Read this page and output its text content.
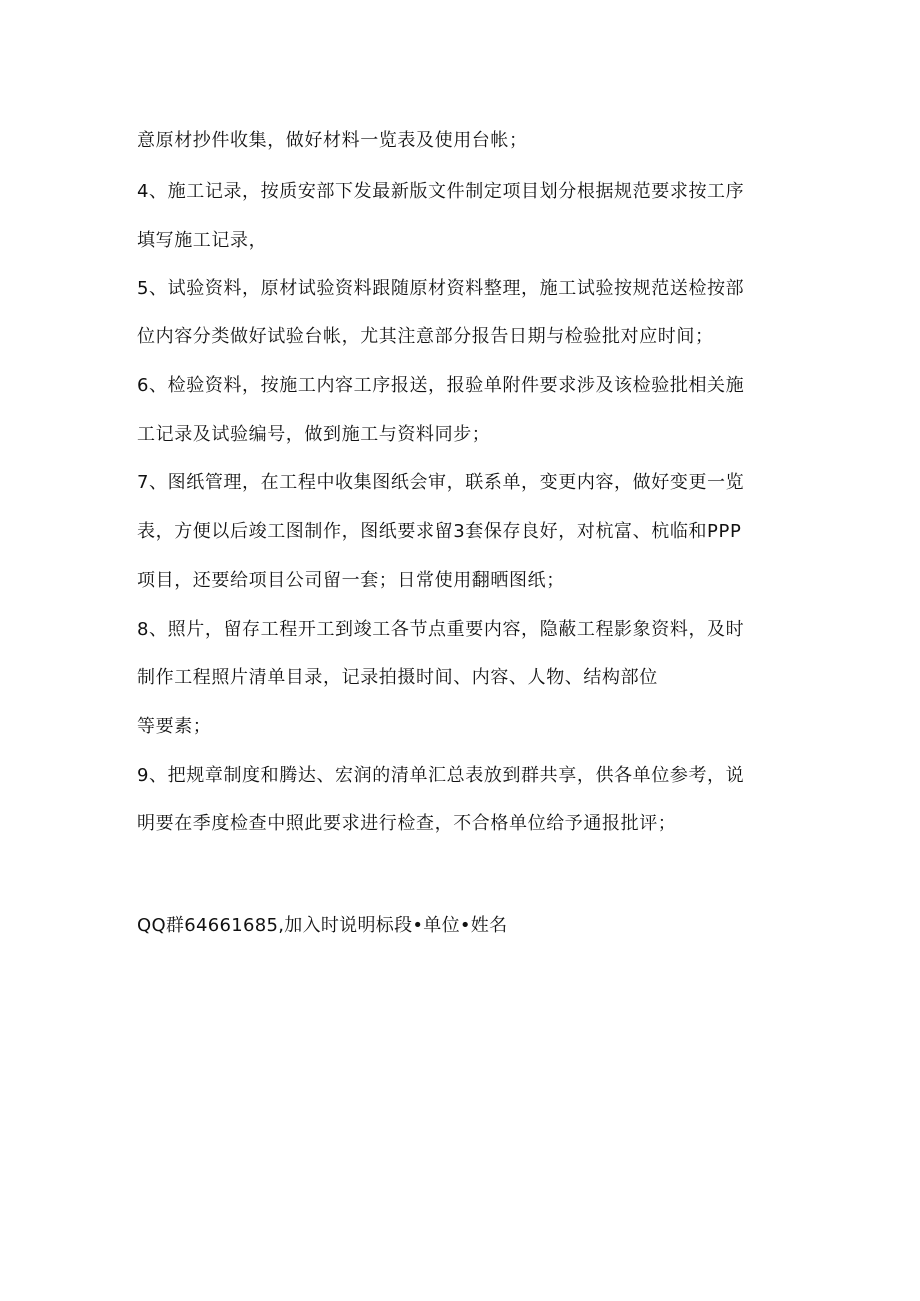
意原材抄件收集，做好材料一览表及使用台帐；
4、施工记录，按质安部下发最新版文件制定项目划分根据规范要求按工序
填写施工记录，
5、试验资料，原材试验资料跟随原材资料整理，施工试验按规范送检按部
位内容分类做好试验台帐，尤其注意部分报告日期与检验批对应时间；
6、检验资料，按施工内容工序报送，报验单附件要求涉及该检验批相关施
工记录及试验编号，做到施工与资料同步；
7、图纸管理，在工程中收集图纸会审，联系单，变更内容，做好变更一览
表，方便以后竣工图制作，图纸要求留3套保存良好，对杭富、杭临和PPP
项目，还要给项目公司留一套；日常使用翻晒图纸；
8、照片，留存工程开工到竣工各节点重要内容，隐蔽工程影象资料，及时
制作工程照片清单目录，记录拍摄时间、内容、人物、结构部位
等要素；
9、把规章制度和腾达、宏润的清单汇总表放到群共享，供各单位参考，说
明要在季度检查中照此要求进行检查，不合格单位给予通报批评；
QQ群64661685,加入时说明标段•单位•姓名
